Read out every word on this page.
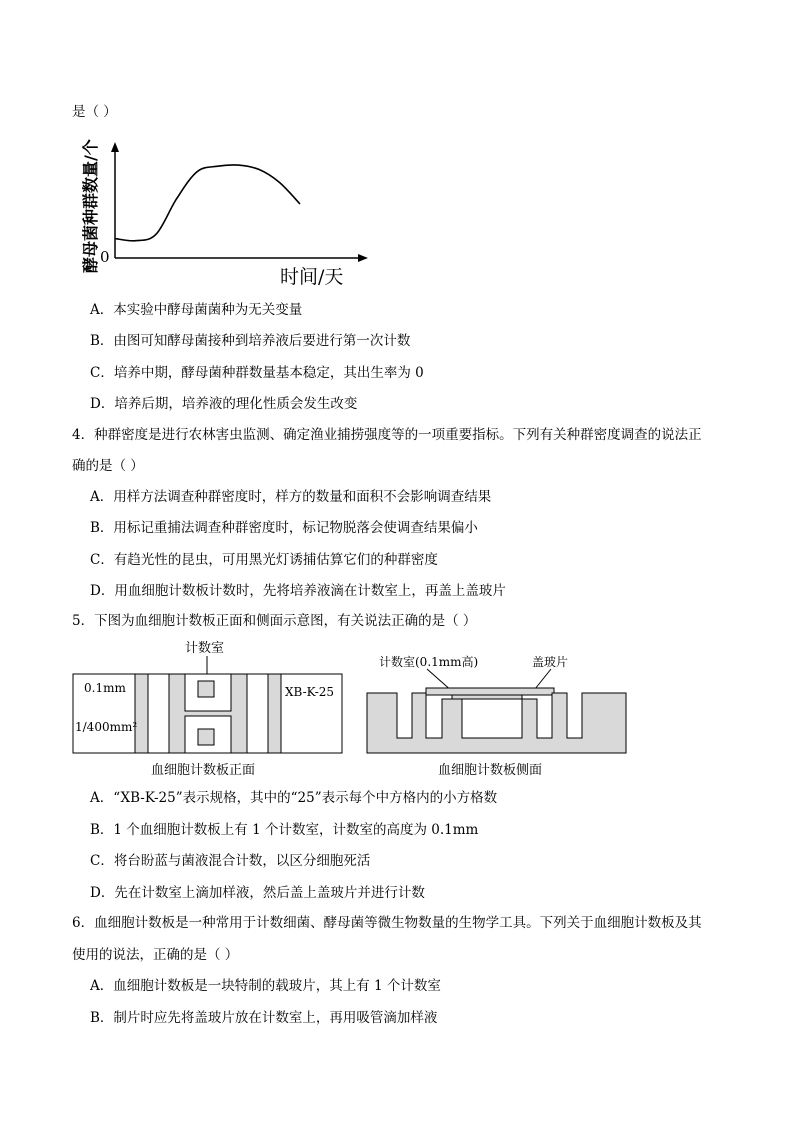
是（ ）
0
时间/天
酵母菌种群数量/个
A．本实验中酵母菌菌种为无关变量
B．由图可知酵母菌接种到培养液后要进行第一次计数
C．培养中期，酵母菌种群数量基本稳定，其出生率为 0
D．培养后期，培养液的理化性质会发生改变
4．种群密度是进行农林害虫监测、确定渔业捕捞强度等的一项重要指标。下列有关种群密度调查的说法正
确的是（ ）
A．用样方法调查种群密度时，样方的数量和面积不会影响调查结果
B．用标记重捕法调查种群密度时，标记物脱落会使调查结果偏小
C．有趋光性的昆虫，可用黑光灯诱捕估算它们的种群密度
D．用血细胞计数板计数时，先将培养液滴在计数室上，再盖上盖玻片
5．下图为血细胞计数板正面和侧面示意图，有关说法正确的是（ ）
计数室
0.1mm
1/400mm²
XB-K-25
血细胞计数板正面
计数室(0.1mm高)	盖玻片
血细胞计数板侧面
A．“XB-K-25”表示规格，其中的“25”表示每个中方格内的小方格数
B．1 个血细胞计数板上有 1 个计数室，计数室的高度为 0.1mm
C．将台盼蓝与菌液混合计数，以区分细胞死活
D．先在计数室上滴加样液，然后盖上盖玻片并进行计数
6．血细胞计数板是一种常用于计数细菌、酵母菌等微生物数量的生物学工具。下列关于血细胞计数板及其
使用的说法，正确的是（ ）
A．血细胞计数板是一块特制的载玻片，其上有 1 个计数室
B．制片时应先将盖玻片放在计数室上，再用吸管滴加样液
